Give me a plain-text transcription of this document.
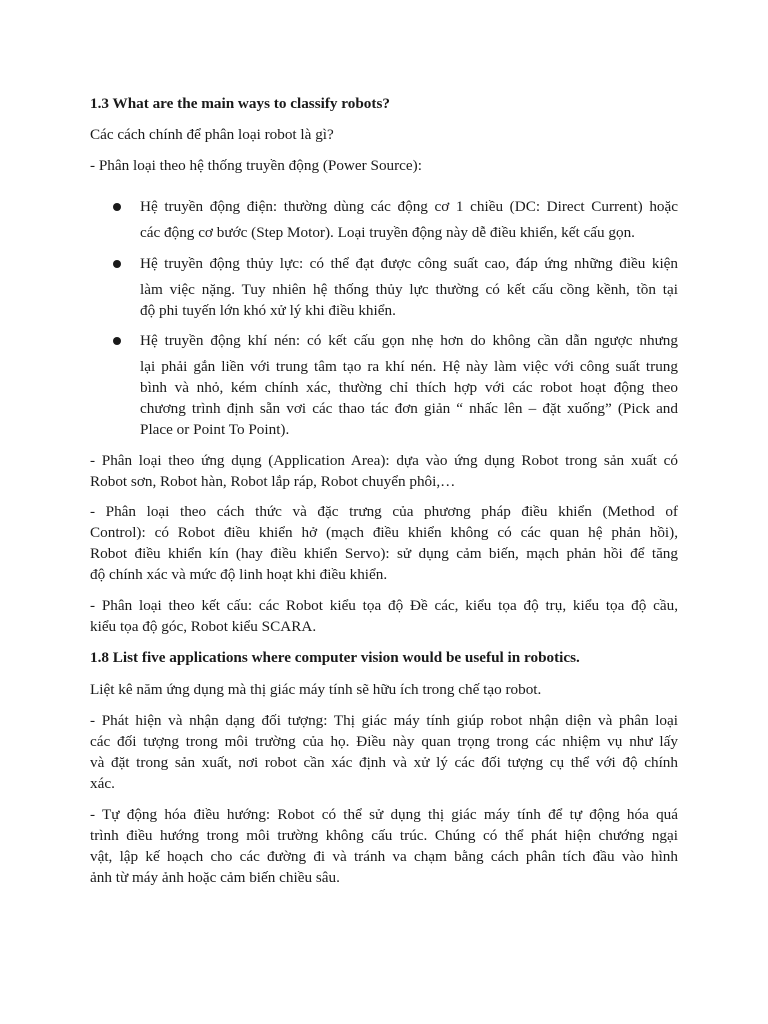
1.3 What are the main ways to classify robots?
Các cách chính để phân loại robot là gì?
- Phân loại theo hệ thống truyền động (Power Source):
Hệ truyền động điện: thường dùng các động cơ 1 chiều (DC: Direct Current) hoặc
các động cơ bước (Step Motor). Loại truyền động này dễ điều khiển, kết cấu gọn.
Hệ truyền động thủy lực: có thể đạt được công suất cao, đáp ứng những điều kiện
làm việc nặng. Tuy nhiên hệ thống thủy lực thường có kết cấu cồng kềnh, tồn tại
độ phi tuyến lớn khó xử lý khi điều khiển.
Hệ truyền động khí nén: có kết cấu gọn nhẹ hơn do không cần dẫn ngược nhưng
lại phải gắn liền với trung tâm tạo ra khí nén. Hệ này làm việc với công suất trung
bình và nhỏ, kém chính xác, thường chỉ thích hợp với các robot hoạt động theo
chương trình định sẵn vơi các thao tác đơn giản “ nhấc lên – đặt xuống” (Pick and
Place or Point To Point).
- Phân loại theo ứng dụng (Application Area): dựa vào ứng dụng Robot trong sản xuất có
Robot sơn, Robot hàn, Robot lắp ráp, Robot chuyển phôi,…
- Phân loại theo cách thức và đặc trưng của phương pháp điều khiển (Method of
Control): có Robot điều khiển hở (mạch điều khiển không có các quan hệ phản hồi),
Robot điều khiển kín (hay điều khiển Servo): sử dụng cảm biến, mạch phản hồi để tăng
độ chính xác và mức độ linh hoạt khi điều khiển.
- Phân loại theo kết cấu: các Robot kiểu tọa độ Đề các, kiểu tọa độ trụ, kiểu tọa độ cầu,
kiểu tọa độ góc, Robot kiểu SCARA.
1.8 List five applications where computer vision would be useful in robotics.
Liệt kê năm ứng dụng mà thị giác máy tính sẽ hữu ích trong chế tạo robot.
- Phát hiện và nhận dạng đối tượng: Thị giác máy tính giúp robot nhận diện và phân loại
các đối tượng trong môi trường của họ. Điều này quan trọng trong các nhiệm vụ như lấy
và đặt trong sản xuất, nơi robot cần xác định và xử lý các đối tượng cụ thể với độ chính
xác.
- Tự động hóa điều hướng: Robot có thể sử dụng thị giác máy tính để tự động hóa quá
trình điều hướng trong môi trường không cấu trúc. Chúng có thể phát hiện chướng ngại
vật, lập kế hoạch cho các đường đi và tránh va chạm bằng cách phân tích đầu vào hình
ảnh từ máy ảnh hoặc cảm biến chiều sâu.
